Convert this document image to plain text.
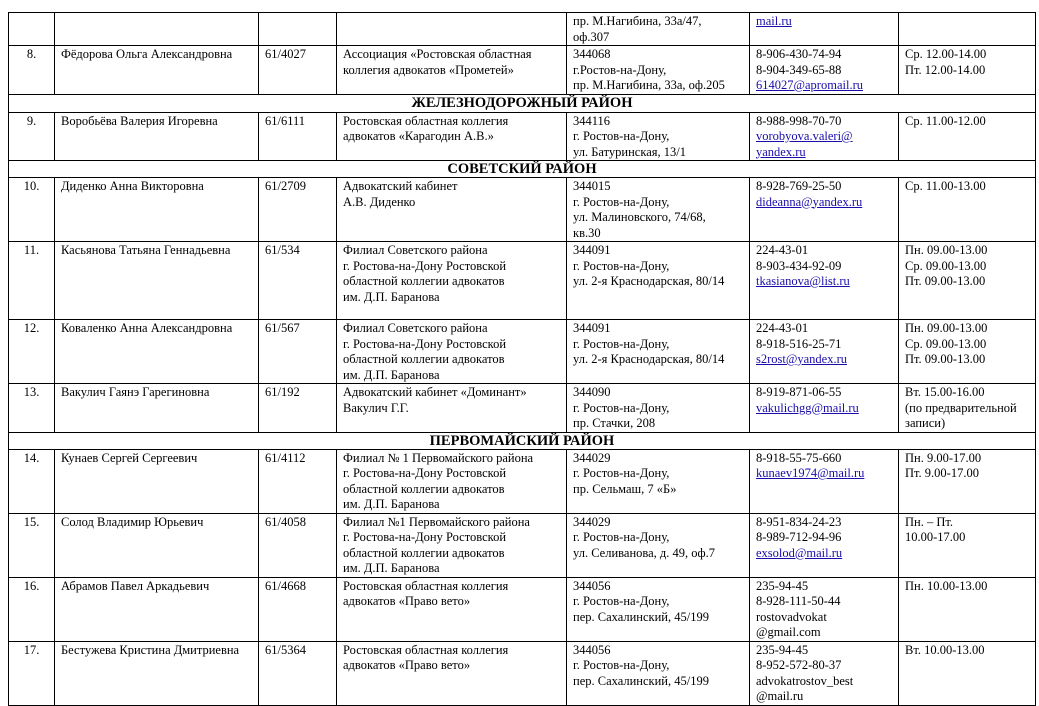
				пр. М.Нагибина, 33а/47,
оф.307	mail.ru	

8.	Фёдорова Ольга Александровна	61/4027	Ассоциация «Ростовская областная
коллегия адвокатов «Прометей»	344068
г.Ростов-на-Дону,
пр. М.Нагибина, 33а, оф.205	8-906-430-74-94
8-904-349-65-88
614027@apromail.ru	Ср. 12.00-14.00
Пт. 12.00-14.00

ЖЕЛЕЗНОДОРОЖНЫЙ РАЙОН						
9.	Воробьёва Валерия Игоревна	61/6111	Ростовская областная коллегия
адвокатов «Карагодин А.В.»	344116
г. Ростов-на-Дону,
ул. Батуринская, 13/1	8-988-998-70-70
vorobyova.valeri@
yandex.ru	Ср. 11.00-12.00

СОВЕТСКИЙ РАЙОН						
10.	Диденко Анна Викторовна	61/2709	Адвокатский кабинет
А.В. Диденко	344015
г. Ростов-на-Дону,
ул. Малиновского, 74/68,
кв.30	8-928-769-25-50
dideanna@yandex.ru	Ср. 11.00-13.00

11.	Касьянова Татьяна Геннадьевна	61/534	Филиал Советского района
г. Ростова-на-Дону Ростовской
областной коллегии адвокатов
им. Д.П. Баранова	344091
г. Ростов-на-Дону,
ул. 2-я Краснодарская, 80/14	224-43-01
8-903-434-92-09
tkasianova@list.ru	Пн. 09.00-13.00
Ср. 09.00-13.00
Пт. 09.00-13.00

12.	Коваленко Анна Александровна	61/567	Филиал Советского района
г. Ростова-на-Дону Ростовской
областной коллегии адвокатов
им. Д.П. Баранова	344091
г. Ростов-на-Дону,
ул. 2-я Краснодарская, 80/14	224-43-01
8-918-516-25-71
s2rost@yandex.ru	Пн. 09.00-13.00
Ср. 09.00-13.00
Пт. 09.00-13.00

13.	Вакулич Гаянэ Гарегиновна	61/192	Адвокатский кабинет «Доминант»
Вакулич Г.Г.	344090
г. Ростов-на-Дону,
пр. Стачки, 208	8-919-871-06-55
vakulichgg@mail.ru	Вт. 15.00-16.00
(по предварительной
записи)

ПЕРВОМАЙСКИЙ РАЙОН						
14.	Кунаев Сергей Сергеевич	61/4112	Филиал № 1 Первомайского района
г. Ростова-на-Дону Ростовской
областной коллегии адвокатов
им. Д.П. Баранова	344029
г. Ростов-на-Дону,
пр. Сельмаш, 7 «Б»	8-918-55-75-660
kunaev1974@mail.ru	Пн. 9.00-17.00
Пт. 9.00-17.00

15.	Солод Владимир Юрьевич	61/4058	Филиал №1 Первомайского района
г. Ростова-на-Дону Ростовской
областной коллегии адвокатов
им. Д.П. Баранова	344029
г. Ростов-на-Дону,
ул. Селиванова, д. 49, оф.7	8-951-834-24-23
8-989-712-94-96
exsolod@mail.ru	Пн. – Пт.
10.00-17.00

16.	Абрамов Павел Аркадьевич	61/4668	Ростовская областная коллегия
адвокатов «Право вето»	344056
г. Ростов-на-Дону,
пер. Сахалинский, 45/199	235-94-45
8-928-111-50-44
rostovadvokat
@gmail.com	Пн. 10.00-13.00

17.	Бестужева Кристина Дмитриевна	61/5364	Ростовская областная коллегия
адвокатов «Право вето»	344056
г. Ростов-на-Дону,
пер. Сахалинский, 45/199	235-94-45
8-952-572-80-37
advokatrostov_best
@mail.ru	Вт. 10.00-13.00
